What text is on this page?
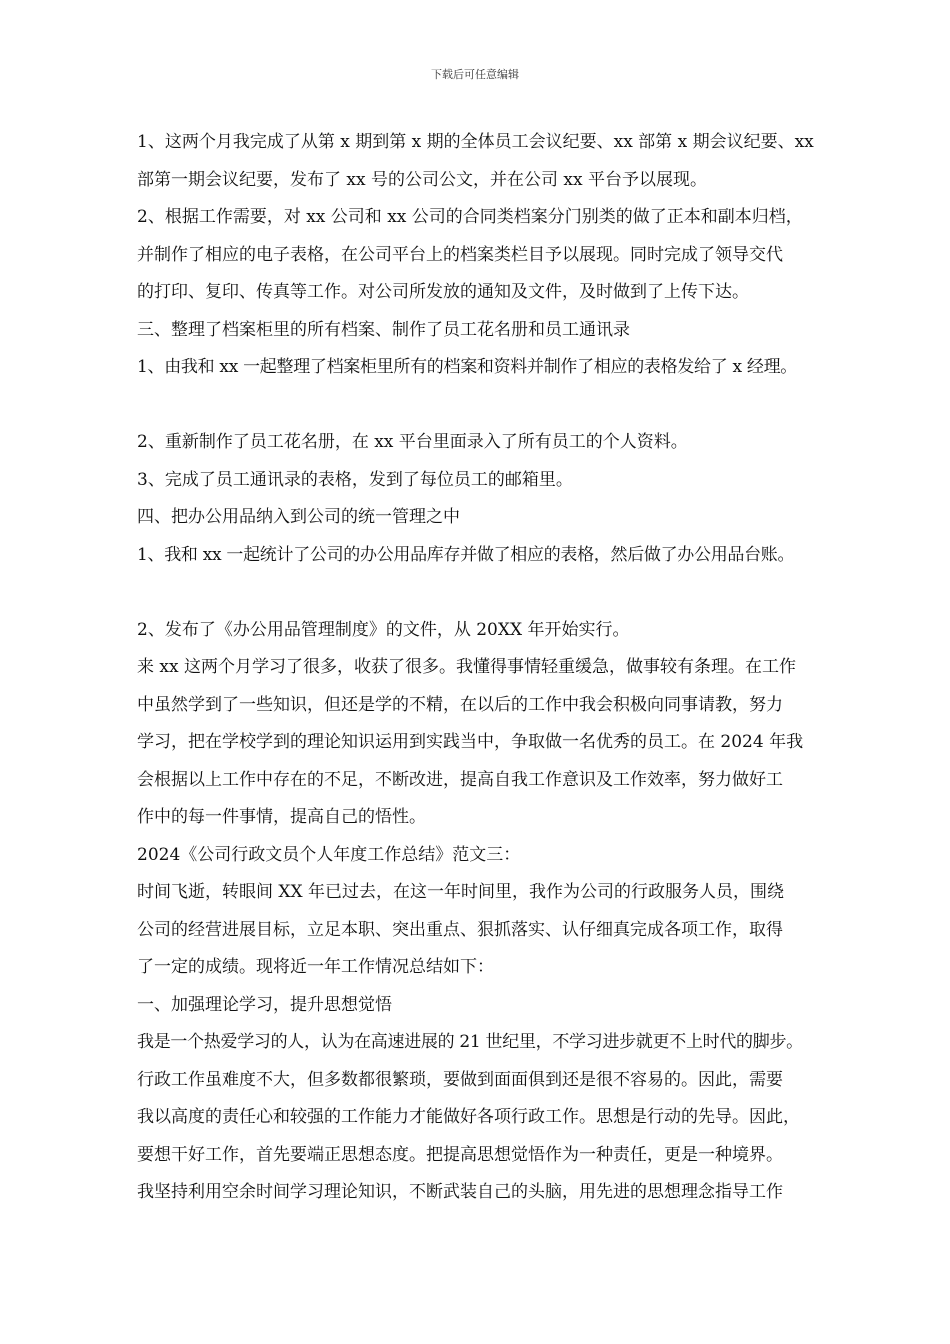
下载后可任意编辑
1、这两个月我完成了从第 x 期到第 x 期的全体员工会议纪要、xx 部第 x 期会议纪要、xx
部第一期会议纪要，发布了 xx 号的公司公文，并在公司 xx 平台予以展现。
2、根据工作需要，对 xx 公司和 xx 公司的合同类档案分门别类的做了正本和副本归档，
并制作了相应的电子表格，在公司平台上的档案类栏目予以展现。同时完成了领导交代
的打印、复印、传真等工作。对公司所发放的通知及文件，及时做到了上传下达。
三、整理了档案柜里的所有档案、制作了员工花名册和员工通讯录
1、由我和 xx 一起整理了档案柜里所有的档案和资料并制作了相应的表格发给了 x 经理。
2、重新制作了员工花名册，在 xx 平台里面录入了所有员工的个人资料。
3、完成了员工通讯录的表格，发到了每位员工的邮箱里。
四、把办公用品纳入到公司的统一管理之中
1、我和 xx 一起统计了公司的办公用品库存并做了相应的表格，然后做了办公用品台账。
2、发布了《办公用品管理制度》的文件，从 20XX 年开始实行。
来 xx 这两个月学习了很多，收获了很多。我懂得事情轻重缓急，做事较有条理。在工作
中虽然学到了一些知识，但还是学的不精，在以后的工作中我会积极向同事请教，努力
学习，把在学校学到的理论知识运用到实践当中，争取做一名优秀的员工。在 2024 年我
会根据以上工作中存在的不足，不断改进，提高自我工作意识及工作效率，努力做好工
作中的每一件事情，提高自己的悟性。
2024《公司行政文员个人年度工作总结》范文三：
时间飞逝，转眼间 XX 年已过去，在这一年时间里，我作为公司的行政服务人员，围绕
公司的经营进展目标，立足本职、突出重点、狠抓落实、认仔细真完成各项工作，取得
了一定的成绩。现将近一年工作情况总结如下：
一、加强理论学习，提升思想觉悟
我是一个热爱学习的人，认为在高速进展的 21 世纪里，不学习进步就更不上时代的脚步。
行政工作虽难度不大，但多数都很繁琐，要做到面面俱到还是很不容易的。因此，需要
我以高度的责任心和较强的工作能力才能做好各项行政工作。思想是行动的先导。因此，
要想干好工作，首先要端正思想态度。把提高思想觉悟作为一种责任，更是一种境界。
我坚持利用空余时间学习理论知识，不断武装自己的头脑，用先进的思想理念指导工作
